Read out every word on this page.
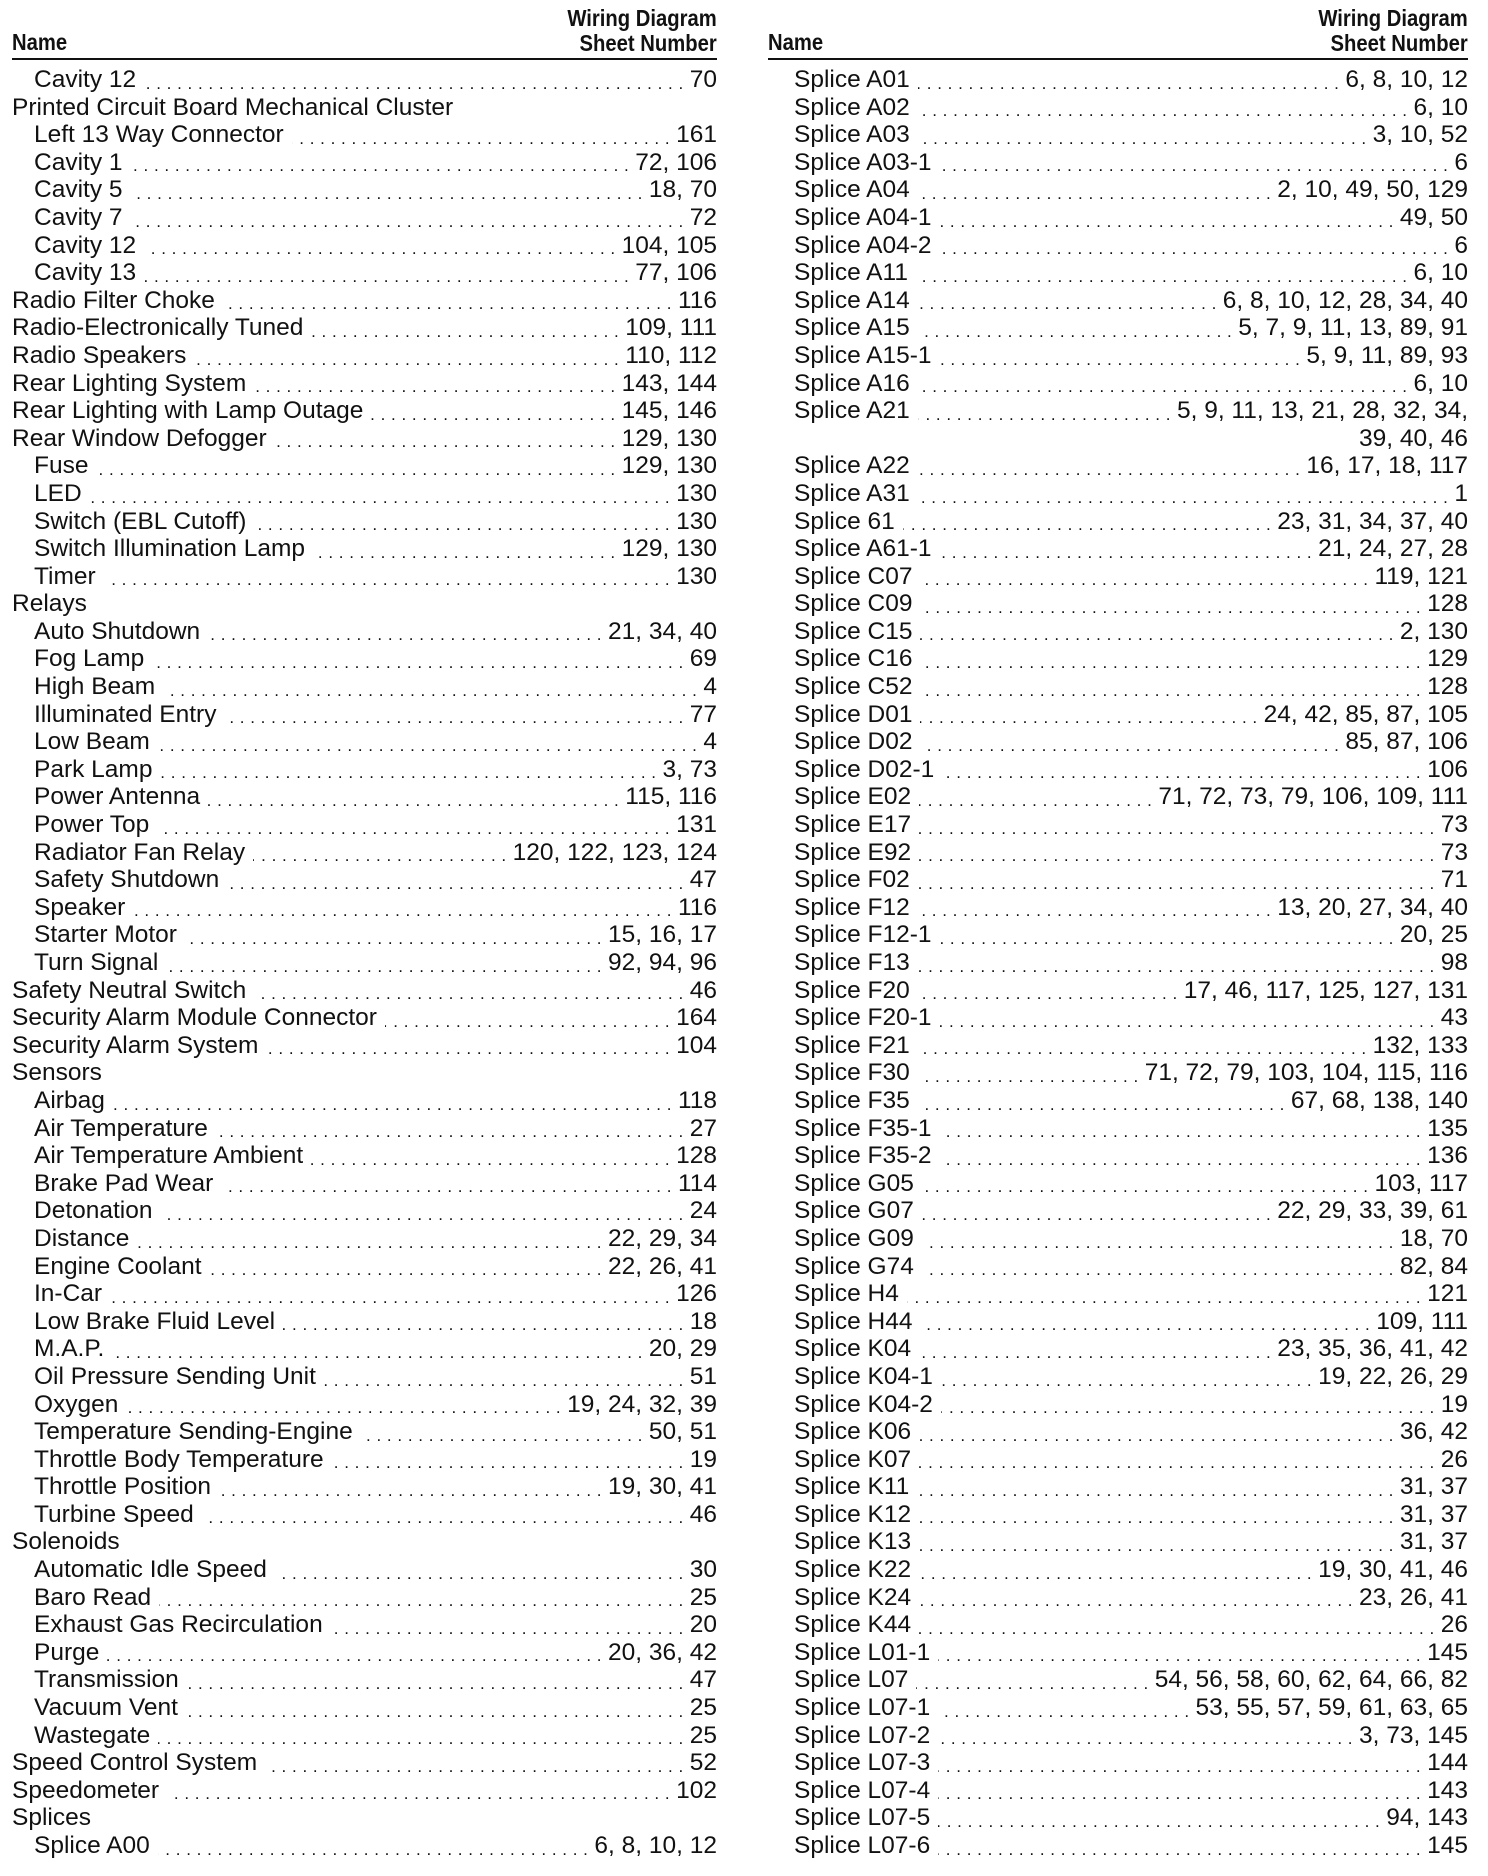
Name
Wiring Diagram
Sheet Number
Cavity 12 . . .	70
Printed Circuit Board Mechanical Cluster
Left 13 Way Connector . . .	161
Cavity 1 . . .	72, 106
Cavity 5 . . .	18, 70
Cavity 7 . . .	72
Cavity 12 . . .	104, 105
Cavity 13 . . .	77, 106
Radio Filter Choke . . .	116
Radio-Electronically Tuned . . .	109, 111
Radio Speakers . . .	110, 112
Rear Lighting System . . .	143, 144
Rear Lighting with Lamp Outage . . .	145, 146
Rear Window Defogger . . .	129, 130
Fuse . . .	129, 130
LED . . .	130
Switch (EBL Cutoff) . . .	130
Switch Illumination Lamp . . .	129, 130
Timer . . .	130
Relays
Auto Shutdown . . .	21, 34, 40
Fog Lamp . . .	69
High Beam . . .	4
Illuminated Entry . . .	77
Low Beam . . .	4
Park Lamp . . .	3, 73
Power Antenna . . .	115, 116
Power Top . . .	131
Radiator Fan Relay . . .	120, 122, 123, 124
Safety Shutdown . . .	47
Speaker . . .	116
Starter Motor . . .	15, 16, 17
Turn Signal . . .	92, 94, 96
Safety Neutral Switch . . .	46
Security Alarm Module Connector . . .	164
Security Alarm System . . .	104
Sensors
Airbag . . .	118
Air Temperature . . .	27
Air Temperature Ambient . . .	128
Brake Pad Wear . . .	114
Detonation . . .	24
Distance . . .	22, 29, 34
Engine Coolant . . .	22, 26, 41
In-Car . . .	126
Low Brake Fluid Level . . .	18
M.A.P. . . .	20, 29
Oil Pressure Sending Unit . . .	51
Oxygen . . .	19, 24, 32, 39
Temperature Sending-Engine . . .	50, 51
Throttle Body Temperature . . .	19
Throttle Position . . .	19, 30, 41
Turbine Speed . . .	46
Solenoids
Automatic Idle Speed . . .	30
Baro Read . . .	25
Exhaust Gas Recirculation . . .	20
Purge . . .	20, 36, 42
Transmission . . .	47
Vacuum Vent . . .	25
Wastegate . . .	25
Speed Control System . . .	52
Speedometer . . .	102
Splices
Splice A00 . . .	6, 8, 10, 12
Name
Wiring Diagram
Sheet Number
Splice A01 . . .	6, 8, 10, 12
Splice A02 . . .	6, 10
Splice A03 . . .	3, 10, 52
Splice A03-1 . . .	6
Splice A04 . . .	2, 10, 49, 50, 129
Splice A04-1 . . .	49, 50
Splice A04-2 . . .	6
Splice A11 . . .	6, 10
Splice A14 . . .	6, 8, 10, 12, 28, 34, 40
Splice A15 . . .	5, 7, 9, 11, 13, 89, 91
Splice A15-1 . . .	5, 9, 11, 89, 93
Splice A16 . . .	6, 10
Splice A21 . . .	5, 9, 11, 13, 21, 28, 32, 34,
39, 40, 46
Splice A22 . . .	16, 17, 18, 117
Splice A31 . . .	1
Splice 61 . . .	23, 31, 34, 37, 40
Splice A61-1 . . .	21, 24, 27, 28
Splice C07 . . .	119, 121
Splice C09 . . .	128
Splice C15 . . .	2, 130
Splice C16 . . .	129
Splice C52 . . .	128
Splice D01 . . .	24, 42, 85, 87, 105
Splice D02 . . .	85, 87, 106
Splice D02-1 . . .	106
Splice E02 . . .	71, 72, 73, 79, 106, 109, 111
Splice E17 . . .	73
Splice E92 . . .	73
Splice F02 . . .	71
Splice F12 . . .	13, 20, 27, 34, 40
Splice F12-1 . . .	20, 25
Splice F13 . . .	98
Splice F20 . . .	17, 46, 117, 125, 127, 131
Splice F20-1 . . .	43
Splice F21 . . .	132, 133
Splice F30 . . .	71, 72, 79, 103, 104, 115, 116
Splice F35 . . .	67, 68, 138, 140
Splice F35-1 . . .	135
Splice F35-2 . . .	136
Splice G05 . . .	103, 117
Splice G07 . . .	22, 29, 33, 39, 61
Splice G09 . . .	18, 70
Splice G74 . . .	82, 84
Splice H4 . . .	121
Splice H44 . . .	109, 111
Splice K04 . . .	23, 35, 36, 41, 42
Splice K04-1 . . .	19, 22, 26, 29
Splice K04-2 . . .	19
Splice K06 . . .	36, 42
Splice K07 . . .	26
Splice K11 . . .	31, 37
Splice K12 . . .	31, 37
Splice K13 . . .	31, 37
Splice K22 . . .	19, 30, 41, 46
Splice K24 . . .	23, 26, 41
Splice K44 . . .	26
Splice L01-1 . . .	145
Splice L07 . . .	54, 56, 58, 60, 62, 64, 66, 82
Splice L07-1 . . .	53, 55, 57, 59, 61, 63, 65
Splice L07-2 . . .	3, 73, 145
Splice L07-3 . . .	144
Splice L07-4 . . .	143
Splice L07-5 . . .	94, 143
Splice L07-6 . . .	145
